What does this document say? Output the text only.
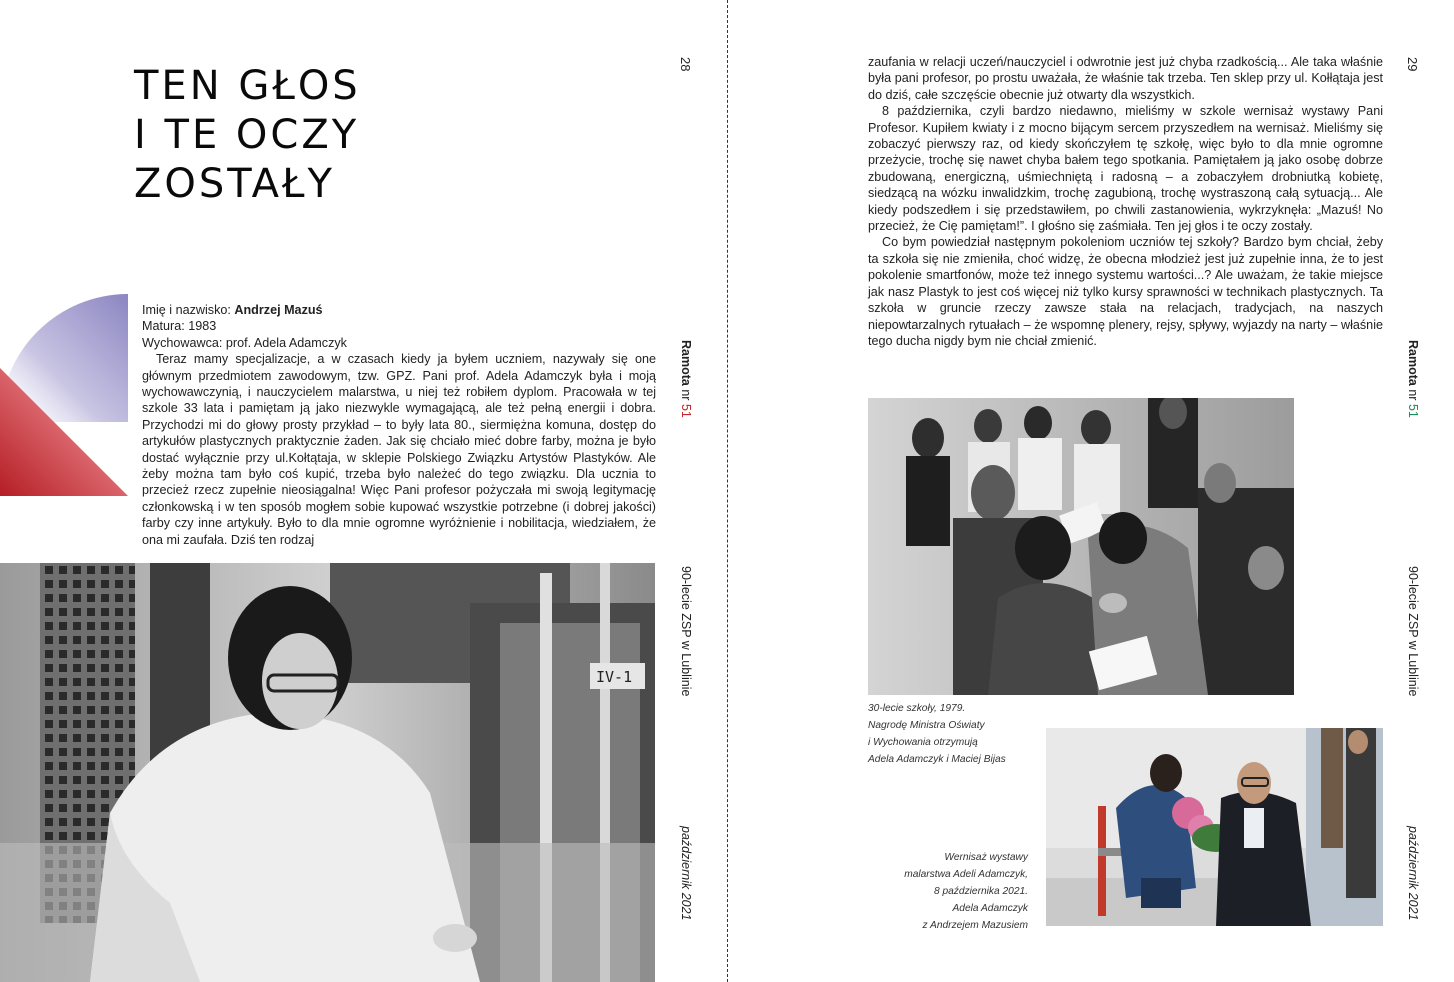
TEN GŁOS
I TE OCZY
ZOSTAŁY

Imię i nazwisko: Andrzej Mazuś

Matura: 1983

Wychowawca: prof. Adela Adamczyk

Teraz mamy specjalizacje, a w czasach kiedy ja byłem uczniem, nazywały się one głównym przedmiotem zawodowym, tzw. GPZ. Pani prof. Adela Adamczyk była i moją wychowawczynią, i nauczycielem malarstwa, u niej też robiłem dyplom. Pracowała w tej szkole 33 lata i pamiętam ją jako niezwykle wymagającą, ale też pełną energii i dobra. Przychodzi mi do głowy prosty przykład – to były lata 80., siermiężna komuna, dostęp do artykułów plastycznych praktycznie żaden. Jak się chciało mieć dobre farby, można je było dostać wyłącznie przy ul.Kołtątaja, w sklepie Polskiego Związku Artystów Plastyków. Ale żeby można tam było coś kupić, trzeba było należeć do tego związku. Dla ucznia to przecież rzecz zupełnie nieosiągalna! Więc Pani profesor pożyczała mi swoją legitymację członkowską i w ten sposób mogłem sobie kupować wszystkie potrzebne (i dobrej jakości) farby czy inne artykuły. Było to dla mnie ogromne wyróżnienie i nobilitacja, wiedziałem, że ona mi zaufała. Dziś ten rodzaj

28
Ramota nr 51
90-lecie ZSP w Lublinie
październik 2021
IV-1

zaufania w relacji uczeń/nauczyciel i odwrotnie jest już chyba rzadkością... Ale taka właśnie była pani profesor, po prostu uważała, że właśnie tak trzeba. Ten sklep przy ul. Kołłątaja jest do dziś, całe szczęście obecnie już otwarty dla wszystkich.

8 października, czyli bardzo niedawno, mieliśmy w szkole wernisaż wystawy Pani Profesor. Kupiłem kwiaty i z mocno bijącym sercem przyszedłem na wernisaż. Mieliśmy się zobaczyć pierwszy raz, od kiedy skończyłem tę szkołę, więc było to dla mnie ogromne przeżycie, trochę się nawet chyba bałem tego spotkania. Pamiętałem ją jako osobę dobrze zbudowaną, energiczną, uśmiechniętą i radosną – a zobaczyłem drobniutką kobietę, siedzącą na wózku inwalidzkim, trochę zagubioną, trochę wystraszoną całą sytuacją... Ale kiedy podszedłem i się przedstawiłem, po chwili zastanowienia, wykrzyknęła: „Mazuś! No przecież, że Cię pamiętam!”. I głośno się zaśmiała. Ten jej głos i te oczy zostały.

Co bym powiedział następnym pokoleniom uczniów tej szkoły? Bardzo bym chciał, żeby ta szkoła się nie zmieniła, choć widzę, że obecna młodzież jest już zupełnie inna, że to jest pokolenie smartfonów, może też innego systemu wartości...? Ale uważam, że takie miejsce jak nasz Plastyk to jest coś więcej niż tylko kursy sprawności w technikach plastycznych. Ta szkoła w gruncie rzeczy zawsze stała na relacjach, tradycjach, na naszych niepowtarzalnych rytuałach – że wspomnę plenery, rejsy, spływy, wyjazdy na narty – właśnie tego ducha nigdy bym nie chciał zmienić.

29
Ramota nr 51
90-lecie ZSP w Lublinie
październik 2021
30-lecie szkoły, 1979.
Nagrodę Ministra Oświaty
i Wychowania otrzymują
Adela Adamczyk i Maciej Bijas
Wernisaż wystawy
malarstwa Adeli Adamczyk,
8 października 2021.
Adela Adamczyk
z Andrzejem Mazusiem
